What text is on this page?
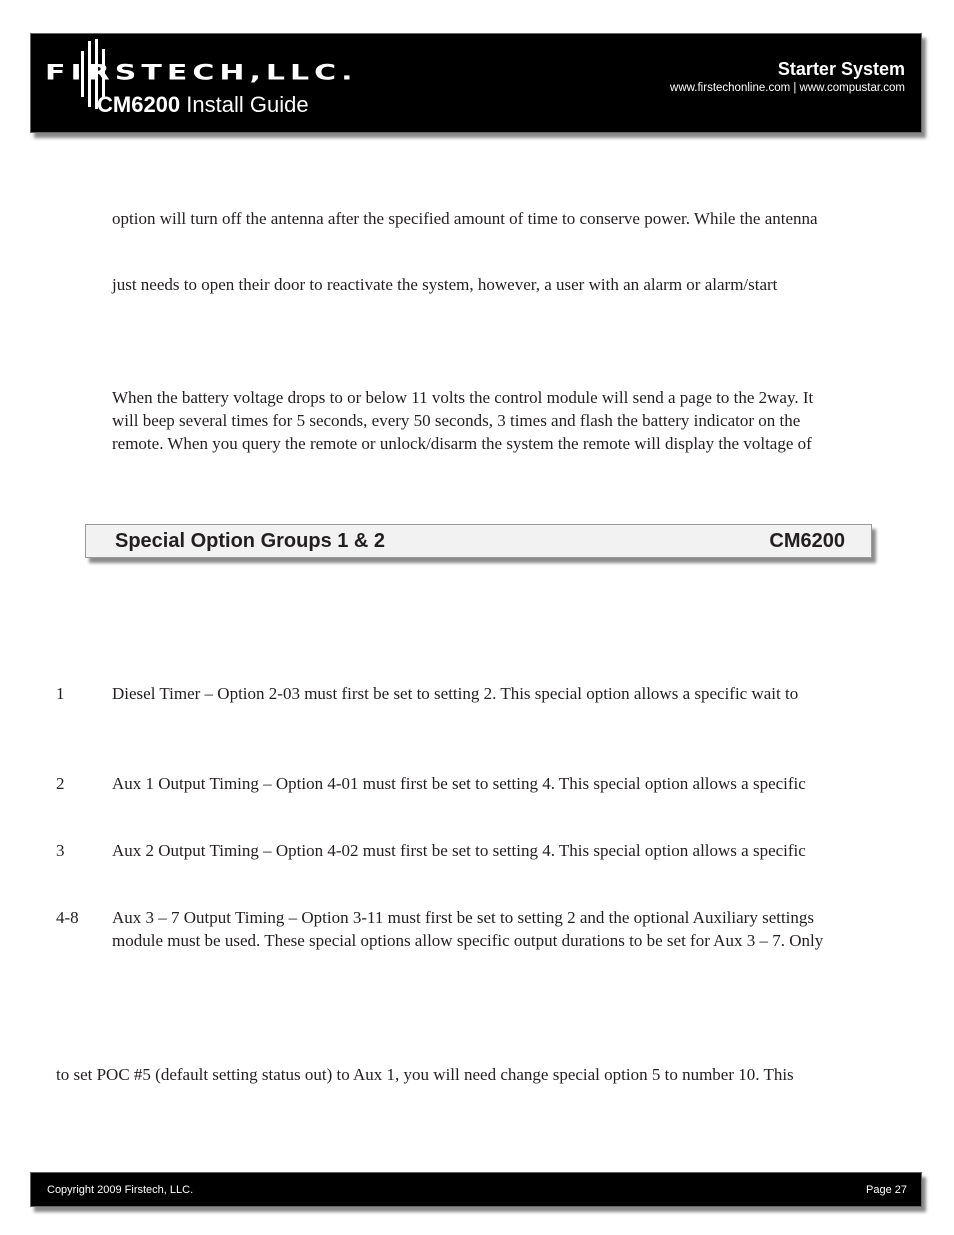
FIRSTECH,LLC.
CM6200 Install Guide
Starter System
www.firstechonline.com | www.compustar.com
option will turn off the antenna after the specified amount of time to conserve power. While the antenna
just needs to open their door to reactivate the system, however, a user with an alarm or alarm/start
When the battery voltage drops to or below 11 volts the control module will send a page to the 2way. It
will beep several times for 5 seconds, every 50 seconds, 3 times and flash the battery indicator on the
remote. When you query the remote or unlock/disarm the system the remote will display the voltage of
Special Option Groups 1 & 2	CM6200
1	Diesel Timer – Option 2-03 must first be set to setting 2. This special option allows a specific wait to
2	Aux 1 Output Timing – Option 4-01 must first be set to setting 4. This special option allows a specific
3	Aux 2 Output Timing – Option 4-02 must first be set to setting 4. This special option allows a specific
4-8 Aux 3 – 7 Output Timing – Option 3-11 must first be set to setting 2 and the optional Auxiliary settings
module must be used. These special options allow specific output durations to be set for Aux 3 – 7. Only
to set POC #5 (default setting status out) to Aux 1, you will need change special option 5 to number 10. This
Copyright 2009 Firstech, LLC.	Page 27
